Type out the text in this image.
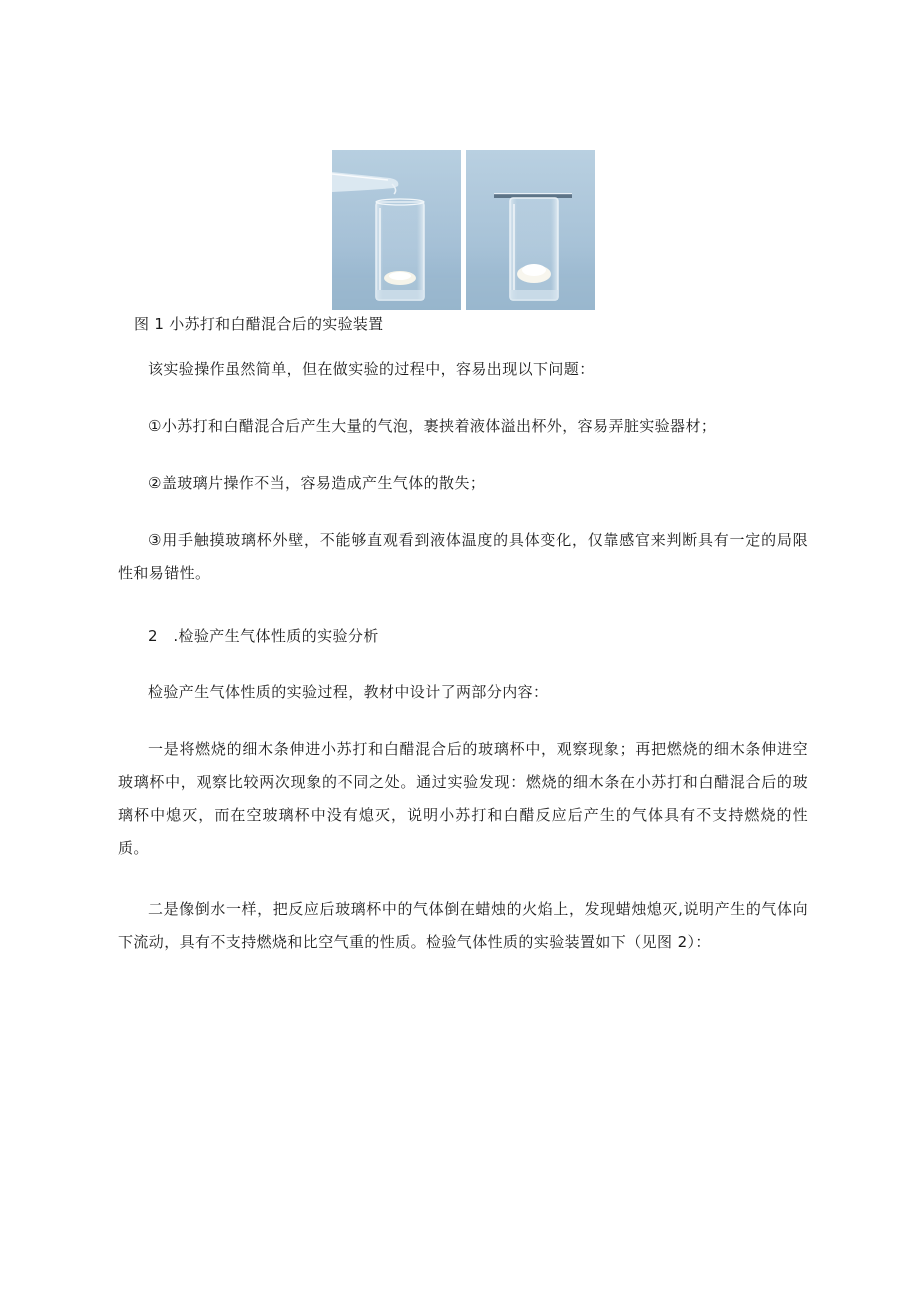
图 1 小苏打和白醋混合后的实验装置

该实验操作虽然简单，但在做实验的过程中，容易出现以下问题：

①小苏打和白醋混合后产生大量的气泡，裹挟着液体溢出杯外，容易弄脏实验器材；

②盖玻璃片操作不当，容易造成产生气体的散失；

③用手触摸玻璃杯外壁，不能够直观看到液体温度的具体变化，仅靠感官来判断具有一定的局限性和易错性。

2　.检验产生气体性质的实验分析

检验产生气体性质的实验过程，教材中设计了两部分内容：

一是将燃烧的细木条伸进小苏打和白醋混合后的玻璃杯中，观察现象；再把燃烧的细木条伸进空玻璃杯中，观察比较两次现象的不同之处。通过实验发现：燃烧的细木条在小苏打和白醋混合后的玻璃杯中熄灭，而在空玻璃杯中没有熄灭，说明小苏打和白醋反应后产生的气体具有不支持燃烧的性质。

二是像倒水一样，把反应后玻璃杯中的气体倒在蜡烛的火焰上，发现蜡烛熄灭,说明产生的气体向下流动，具有不支持燃烧和比空气重的性质。检验气体性质的实验装置如下（见图 2）：
